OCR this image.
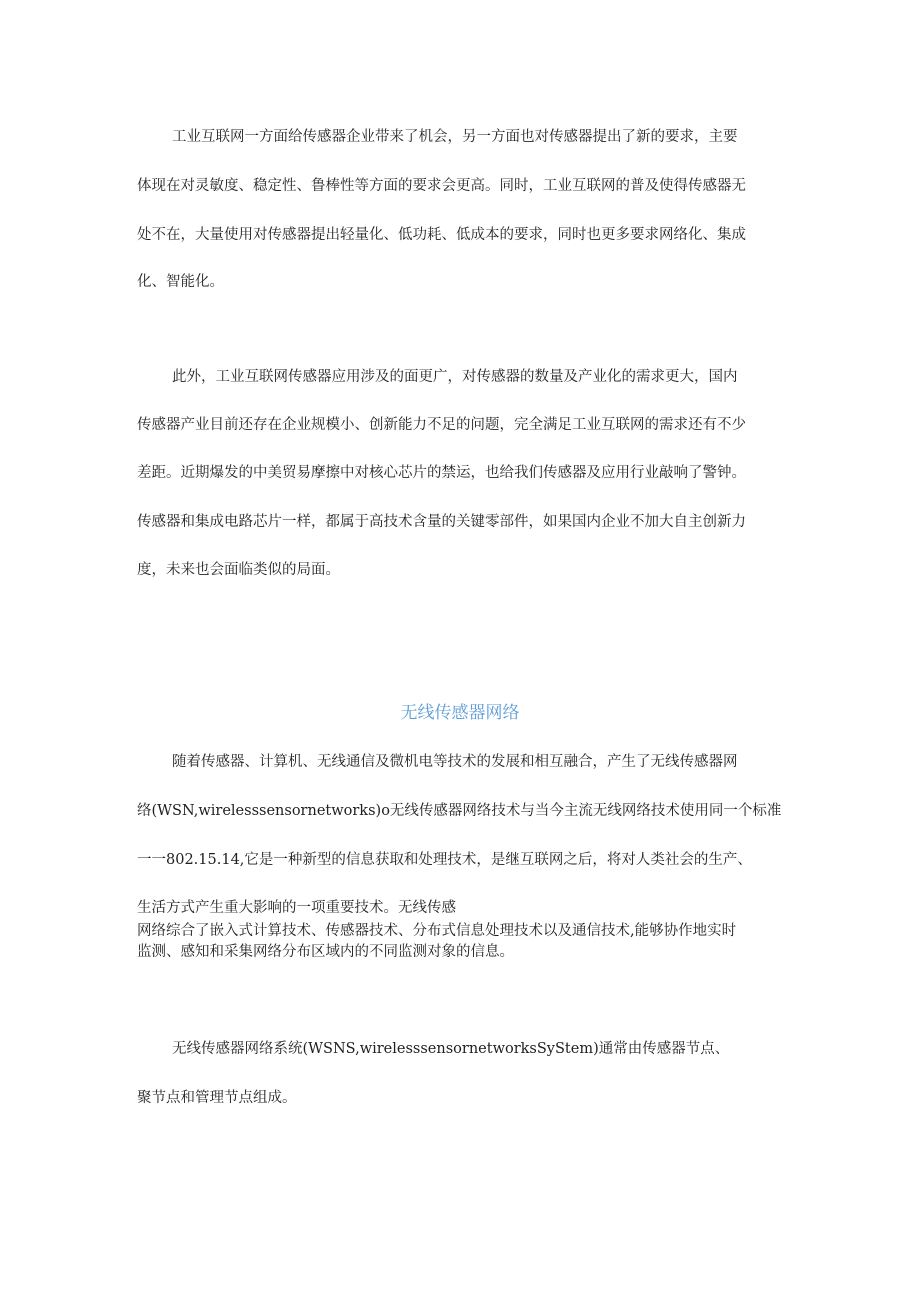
工业互联网一方面给传感器企业带来了机会，另一方面也对传感器提出了新的要求，主要
体现在对灵敏度、稳定性、鲁棒性等方面的要求会更高。同时，工业互联网的普及使得传感器无
处不在，大量使用对传感器提出轻量化、低功耗、低成本的要求，同时也更多要求网络化、集成
化、智能化。
此外，工业互联网传感器应用涉及的面更广，对传感器的数量及产业化的需求更大，国内
传感器产业目前还存在企业规模小、创新能力不足的问题，完全满足工业互联网的需求还有不少
差距。近期爆发的中美贸易摩擦中对核心芯片的禁运，也给我们传感器及应用行业敲响了警钟。
传感器和集成电路芯片一样，都属于高技术含量的关键零部件，如果国内企业不加大自主创新力
度，未来也会面临类似的局面。
无线传感器网络
随着传感器、计算机、无线通信及微机电等技术的发展和相互融合，产生了无线传感器网
络(WSN,wirelesssensornetworks)o无线传感器网络技术与当今主流无线网络技术使用同一个标准
一一802.15.14,它是一种新型的信息获取和处理技术，是继互联网之后，将对人类社会的生产、
生活方式产生重大影响的一项重要技术。无线传感
网络综合了嵌入式计算技术、传感器技术、分布式信息处理技术以及通信技术,能够协作地实时
监测、感知和采集网络分布区域内的不同监测对象的信息。
无线传感器网络系统(WSNS,wirelesssensornetworksSyStem)通常由传感器节点、
聚节点和管理节点组成。
